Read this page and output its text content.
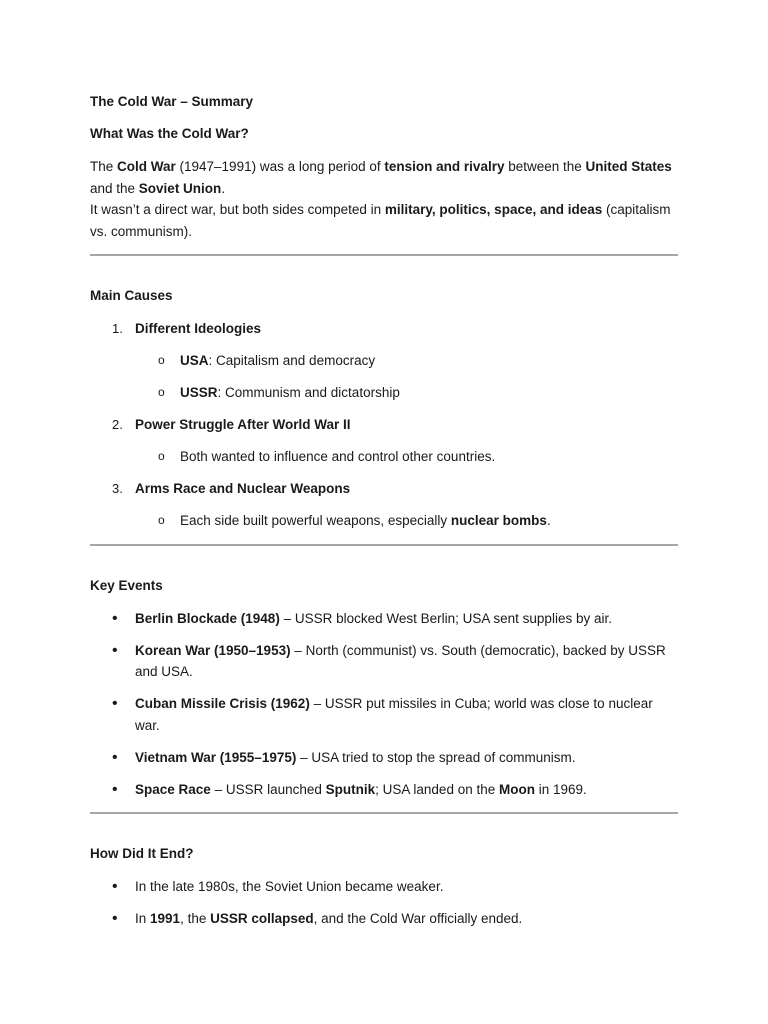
The Cold War – Summary

What Was the Cold War?

The Cold War (1947–1991) was a long period of tension and rivalry between the United States and the Soviet Union.
It wasn’t a direct war, but both sides competed in military, politics, space, and ideas (capitalism vs. communism).

Main Causes

1. Different Ideologies
o USA: Capitalism and democracy
o USSR: Communism and dictatorship
2. Power Struggle After World War II
o Both wanted to influence and control other countries.
3. Arms Race and Nuclear Weapons
o Each side built powerful weapons, especially nuclear bombs.

Key Events

•	Berlin Blockade (1948) – USSR blocked West Berlin; USA sent supplies by air.
•	Korean War (1950–1953) – North (communist) vs. South (democratic), backed by USSR and USA.
•	Cuban Missile Crisis (1962) – USSR put missiles in Cuba; world was close to nuclear war.
•	Vietnam War (1955–1975) – USA tried to stop the spread of communism.
•	Space Race – USSR launched Sputnik; USA landed on the Moon in 1969.

How Did It End?

•	In the late 1980s, the Soviet Union became weaker.
•	In 1991, the USSR collapsed, and the Cold War officially ended.
